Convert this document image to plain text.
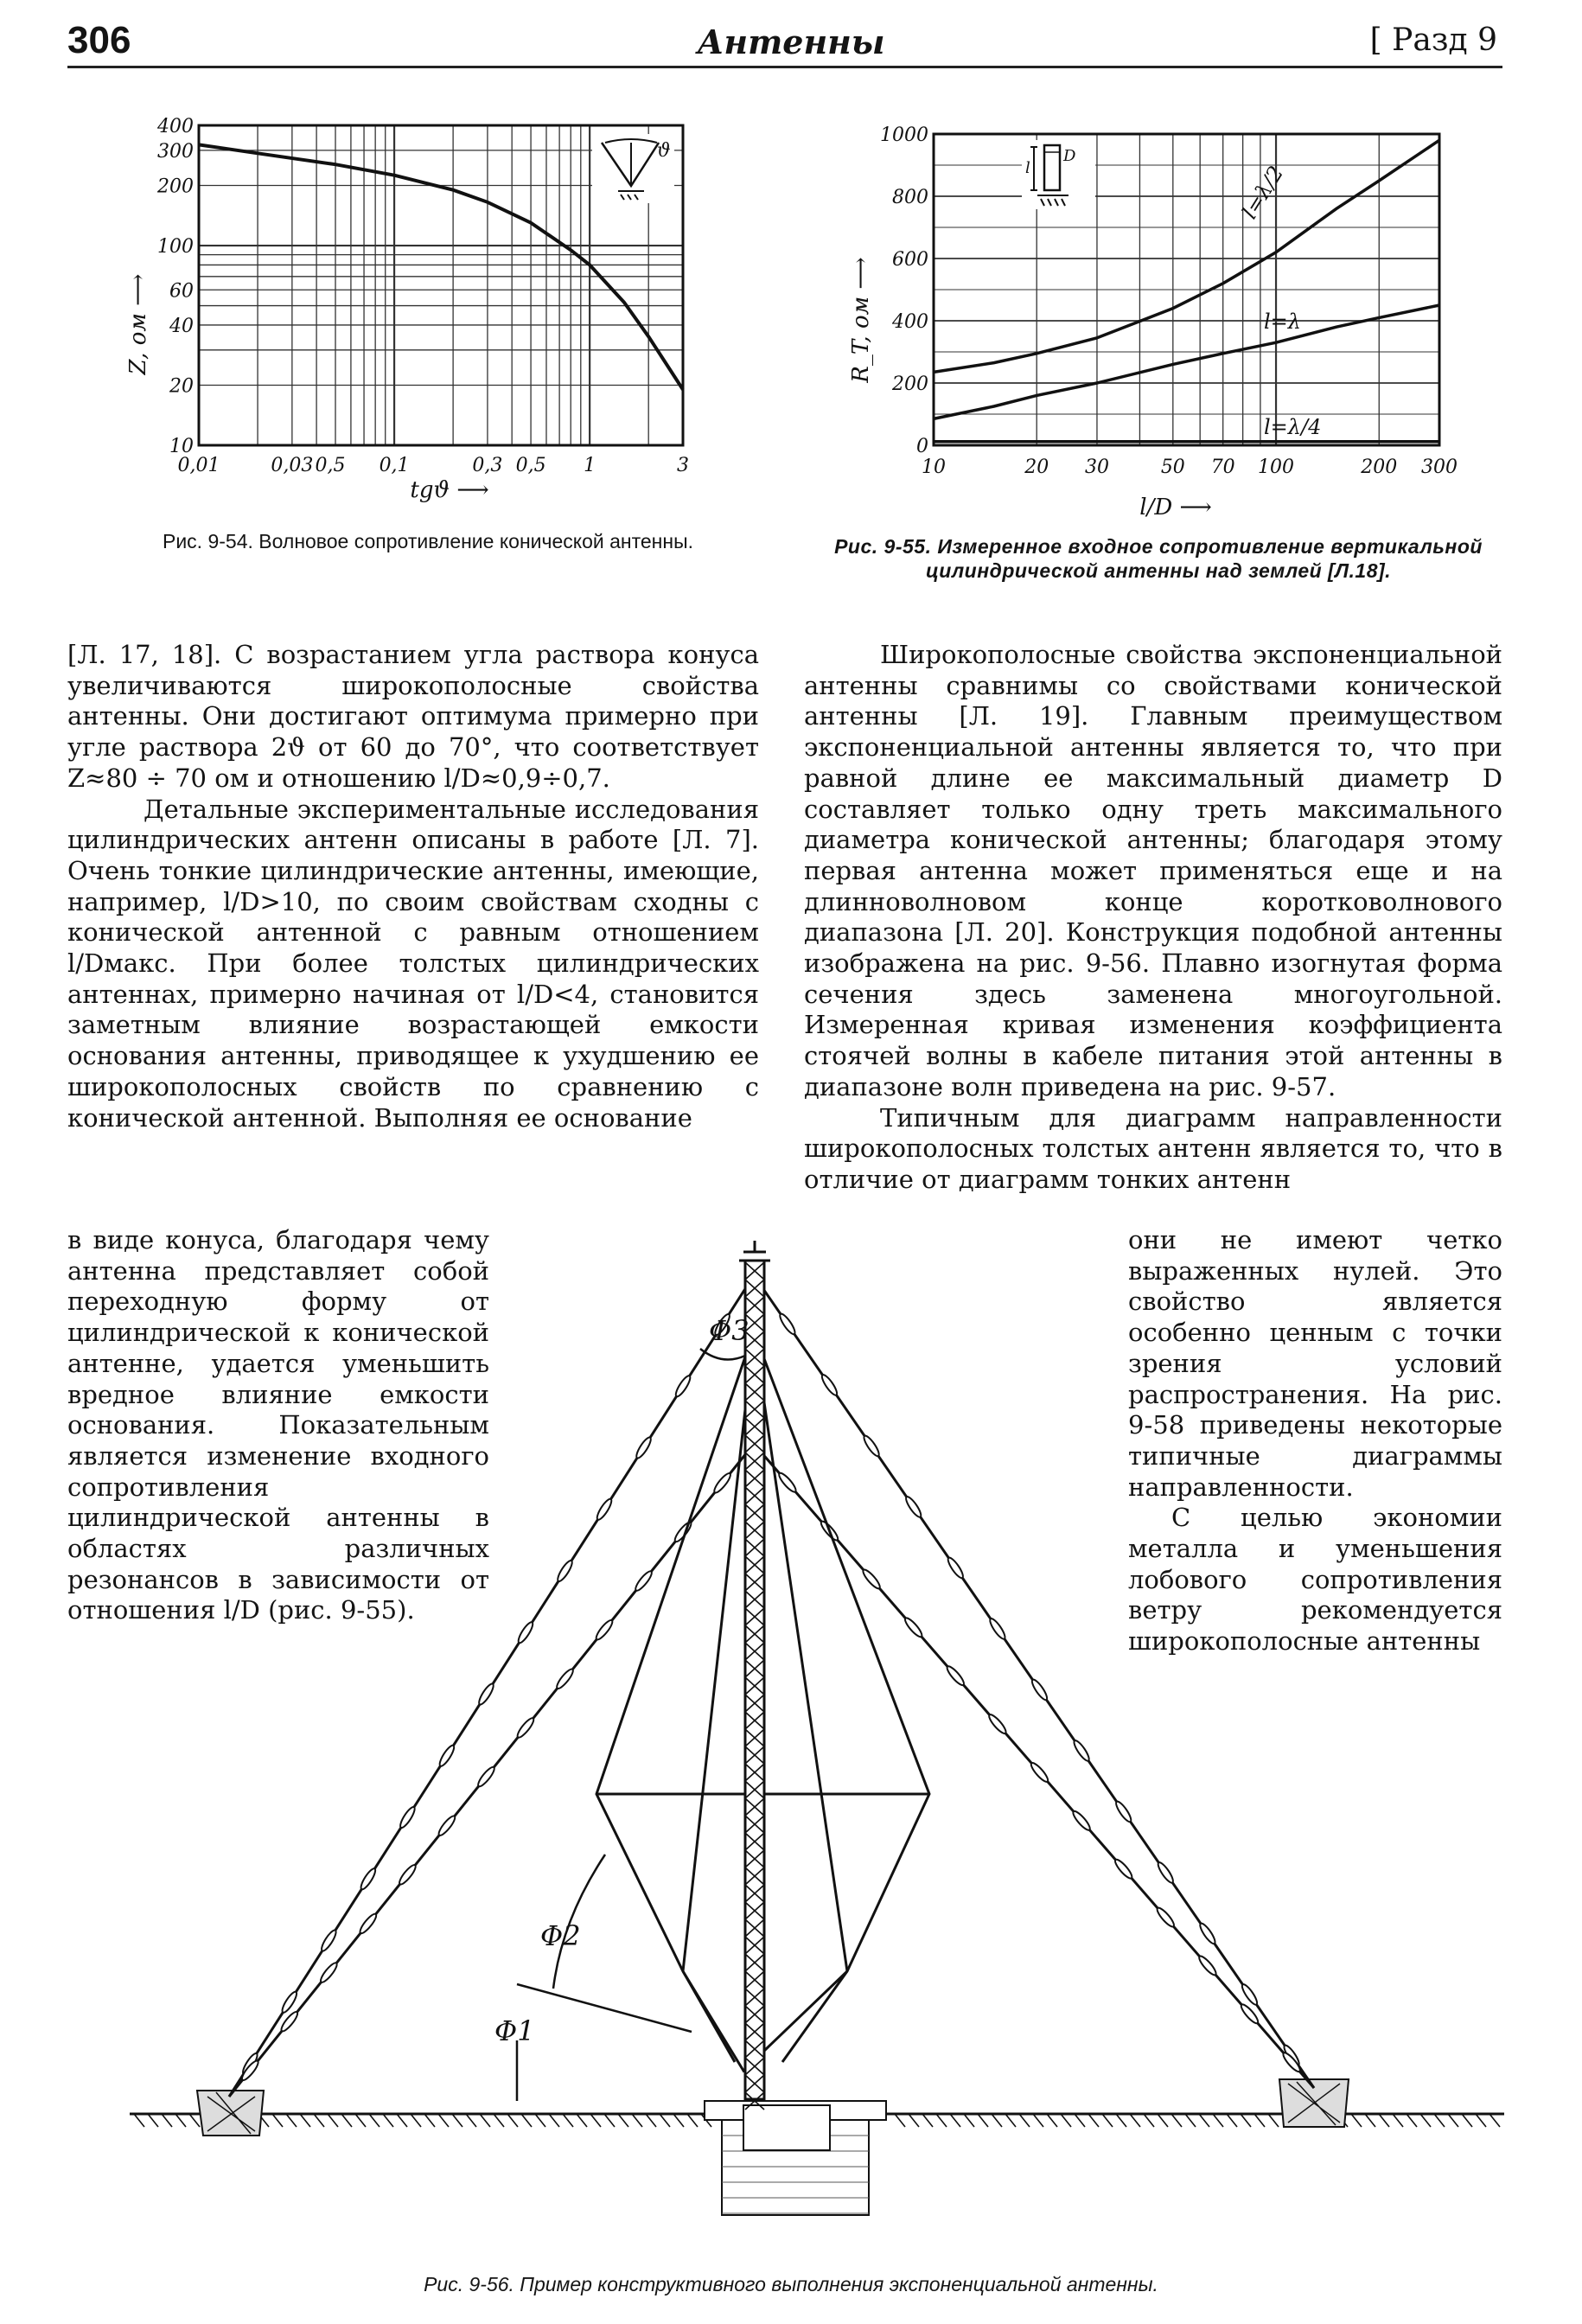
306	Антенны	[ Разд 9
0,01	0,03 0,5 0,1	0,3 0,5 1	3
10
20
40
60
100
200
300
400
tgϑ ⟶
Z, ом ⟶
ϑ
Рис. 9-54. Волновое сопротивление конической антенны.
10	20 30	50 70 100	200 300
0
200
400
600
800
1000
l/D ⟶
R_T, ом ⟶
l=λ/2
l=λ
l=λ/4
l
D
Рис. 9-55. Измеренное входное сопротивление вертикальной цилиндрической антенны над землей [Л.18].

[Л. 17, 18]. С возрастанием угла раствора конуса увеличиваются широкополосные свойства антенны. Они достигают оптимума примерно при угле раствора 2ϑ от 60 до 70°, что соответствует Z≈80 ÷ 70 ом и отношению l/D≈0,9÷0,7.

Детальные экспериментальные исследования цилиндрических антенн описаны в работе [Л. 7]. Очень тонкие цилиндрические антенны, имеющие, например, l/D>10, по своим свойствам сходны с конической антенной с равным отношением l/Dмакс. При более толстых цилиндрических антеннах, примерно начиная от l/D<4, становится заметным влияние возрастающей емкости основания антенны, приводящее к ухудшению ее широкополосных свойств по сравнению с конической антенной. Выполняя ее основание

в виде конуса, благодаря чему антенна представляет собой переходную форму от цилиндрической к конической антенне, удается уменьшить вредное влияние емкости основания. Показательным является изменение входного сопротивления цилиндрической антенны в областях различных резонансов в зависимости от отношения l/D (рис. 9-55).

Широкополосные свойства экспоненциальной антенны сравнимы со свойствами конической антенны [Л. 19]. Главным преимуществом экспоненциальной антенны является то, что при равной длине ее максимальный диаметр D составляет только одну треть максимального диаметра конической антенны; благодаря этому первая антенна может применяться еще и на длинноволновом конце коротковолнового диапазона [Л. 20]. Конструкция подобной антенны изображена на рис. 9-56. Плавно изогнутая форма сечения здесь заменена многоугольной. Измеренная кривая изменения коэффициента стоячей волны в кабеле питания этой антенны в диапазоне волн приведена на рис. 9-57.

Типичным для диаграмм направленности широкополосных толстых антенн является то, что в отличие от диаграмм тонких антенн

они не имеют четко выраженных нулей. Это свойство является особенно ценным с точки зрения условий распространения. На рис. 9-58 приведены некоторые типичные диаграммы направленности.

С целью экономии металла и уменьшения лобового сопротивления ветру рекомендуется широкополосные антенны

Φ3
Φ2
Φ1
Рис. 9-56. Пример конструктивного выполнения экспоненциальной антенны.
